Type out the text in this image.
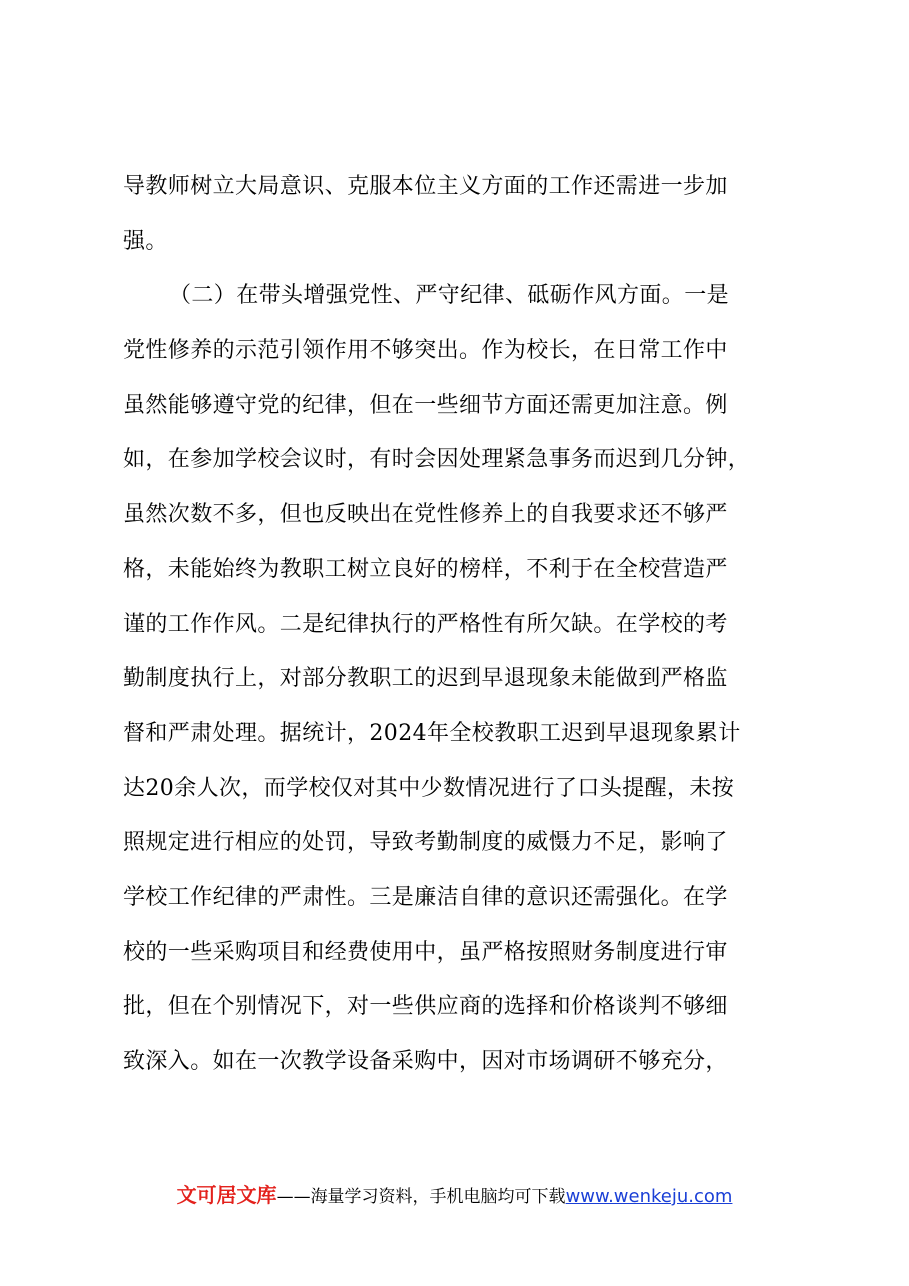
导教师树立大局意识、克服本位主义方面的工作还需进一步加
强。
（二）在带头增强党性、严守纪律、砥砺作风方面。一是
党性修养的示范引领作用不够突出。作为校长，在日常工作中
虽然能够遵守党的纪律，但在一些细节方面还需更加注意。例
如，在参加学校会议时，有时会因处理紧急事务而迟到几分钟，
虽然次数不多，但也反映出在党性修养上的自我要求还不够严
格，未能始终为教职工树立良好的榜样，不利于在全校营造严
谨的工作作风。二是纪律执行的严格性有所欠缺。在学校的考
勤制度执行上，对部分教职工的迟到早退现象未能做到严格监
督和严肃处理。据统计，2024年全校教职工迟到早退现象累计
达20余人次，而学校仅对其中少数情况进行了口头提醒，未按
照规定进行相应的处罚，导致考勤制度的威慑力不足，影响了
学校工作纪律的严肃性。三是廉洁自律的意识还需强化。在学
校的一些采购项目和经费使用中，虽严格按照财务制度进行审
批，但在个别情况下，对一些供应商的选择和价格谈判不够细
致深入。如在一次教学设备采购中，因对市场调研不够充分，
文可居文库——海量学习资料，手机电脑均可下载www.wenkeju.com
